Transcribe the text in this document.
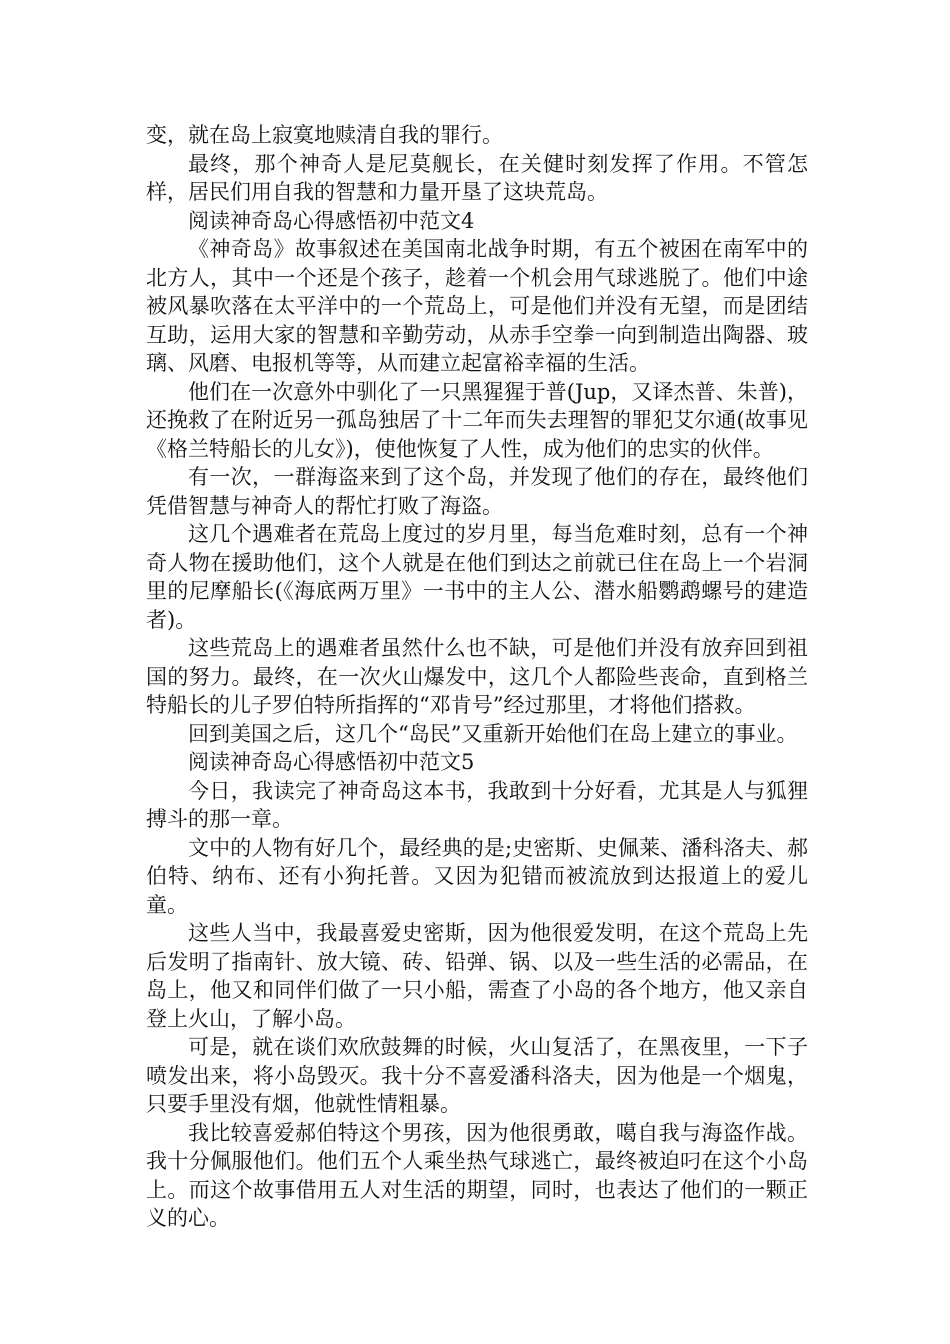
变，就在岛上寂寞地赎清自我的罪行。

最终，那个神奇人是尼莫舰长，在关健时刻发挥了作用。不管怎样，居民们用自我的智慧和力量开垦了这块荒岛。

阅读神奇岛心得感悟初中范文4

《神奇岛》故事叙述在美国南北战争时期，有五个被困在南军中的北方人，其中一个还是个孩子，趁着一个机会用气球逃脱了。他们中途被风暴吹落在太平洋中的一个荒岛上，可是他们并没有无望，而是团结互助，运用大家的智慧和辛勤劳动，从赤手空拳一向到制造出陶器、玻璃、风磨、电报机等等，从而建立起富裕幸福的生活。

他们在一次意外中驯化了一只黑猩猩于普(Jup，又译杰普、朱普)，还挽救了在附近另一孤岛独居了十二年而失去理智的罪犯艾尔通(故事见《格兰特船长的儿女》)，使他恢复了人性，成为他们的忠实的伙伴。

有一次，一群海盗来到了这个岛，并发现了他们的存在，最终他们凭借智慧与神奇人的帮忙打败了海盗。

这几个遇难者在荒岛上度过的岁月里，每当危难时刻，总有一个神奇人物在援助他们，这个人就是在他们到达之前就已住在岛上一个岩洞里的尼摩船长(《海底两万里》一书中的主人公、潜水船鹦鹉螺号的建造者)。

这些荒岛上的遇难者虽然什么也不缺，可是他们并没有放弃回到祖国的努力。最终，在一次火山爆发中，这几个人都险些丧命，直到格兰特船长的儿子罗伯特所指挥的“邓肯号”经过那里，才将他们搭救。

回到美国之后，这几个“岛民”又重新开始他们在岛上建立的事业。

阅读神奇岛心得感悟初中范文5

今日，我读完了神奇岛这本书，我敢到十分好看，尤其是人与狐狸搏斗的那一章。

文中的人物有好几个，最经典的是;史密斯、史佩莱、潘科洛夫、郝伯特、纳布、还有小狗托普。又因为犯错而被流放到达报道上的爱儿童。

这些人当中，我最喜爱史密斯，因为他很爱发明，在这个荒岛上先后发明了指南针、放大镜、砖、铅弹、锅、以及一些生活的必需品，在岛上，他又和同伴们做了一只小船，需查了小岛的各个地方，他又亲自登上火山，了解小岛。

可是，就在谈们欢欣鼓舞的时候，火山复活了，在黑夜里，一下子喷发出来，将小岛毁灭。我十分不喜爱潘科洛夫，因为他是一个烟鬼，只要手里没有烟，他就性情粗暴。

我比较喜爱郝伯特这个男孩，因为他很勇敢，噶自我与海盗作战。我十分佩服他们。他们五个人乘坐热气球逃亡，最终被迫叼在这个小岛上。而这个故事借用五人对生活的期望，同时，也表达了他们的一颗正义的心。
